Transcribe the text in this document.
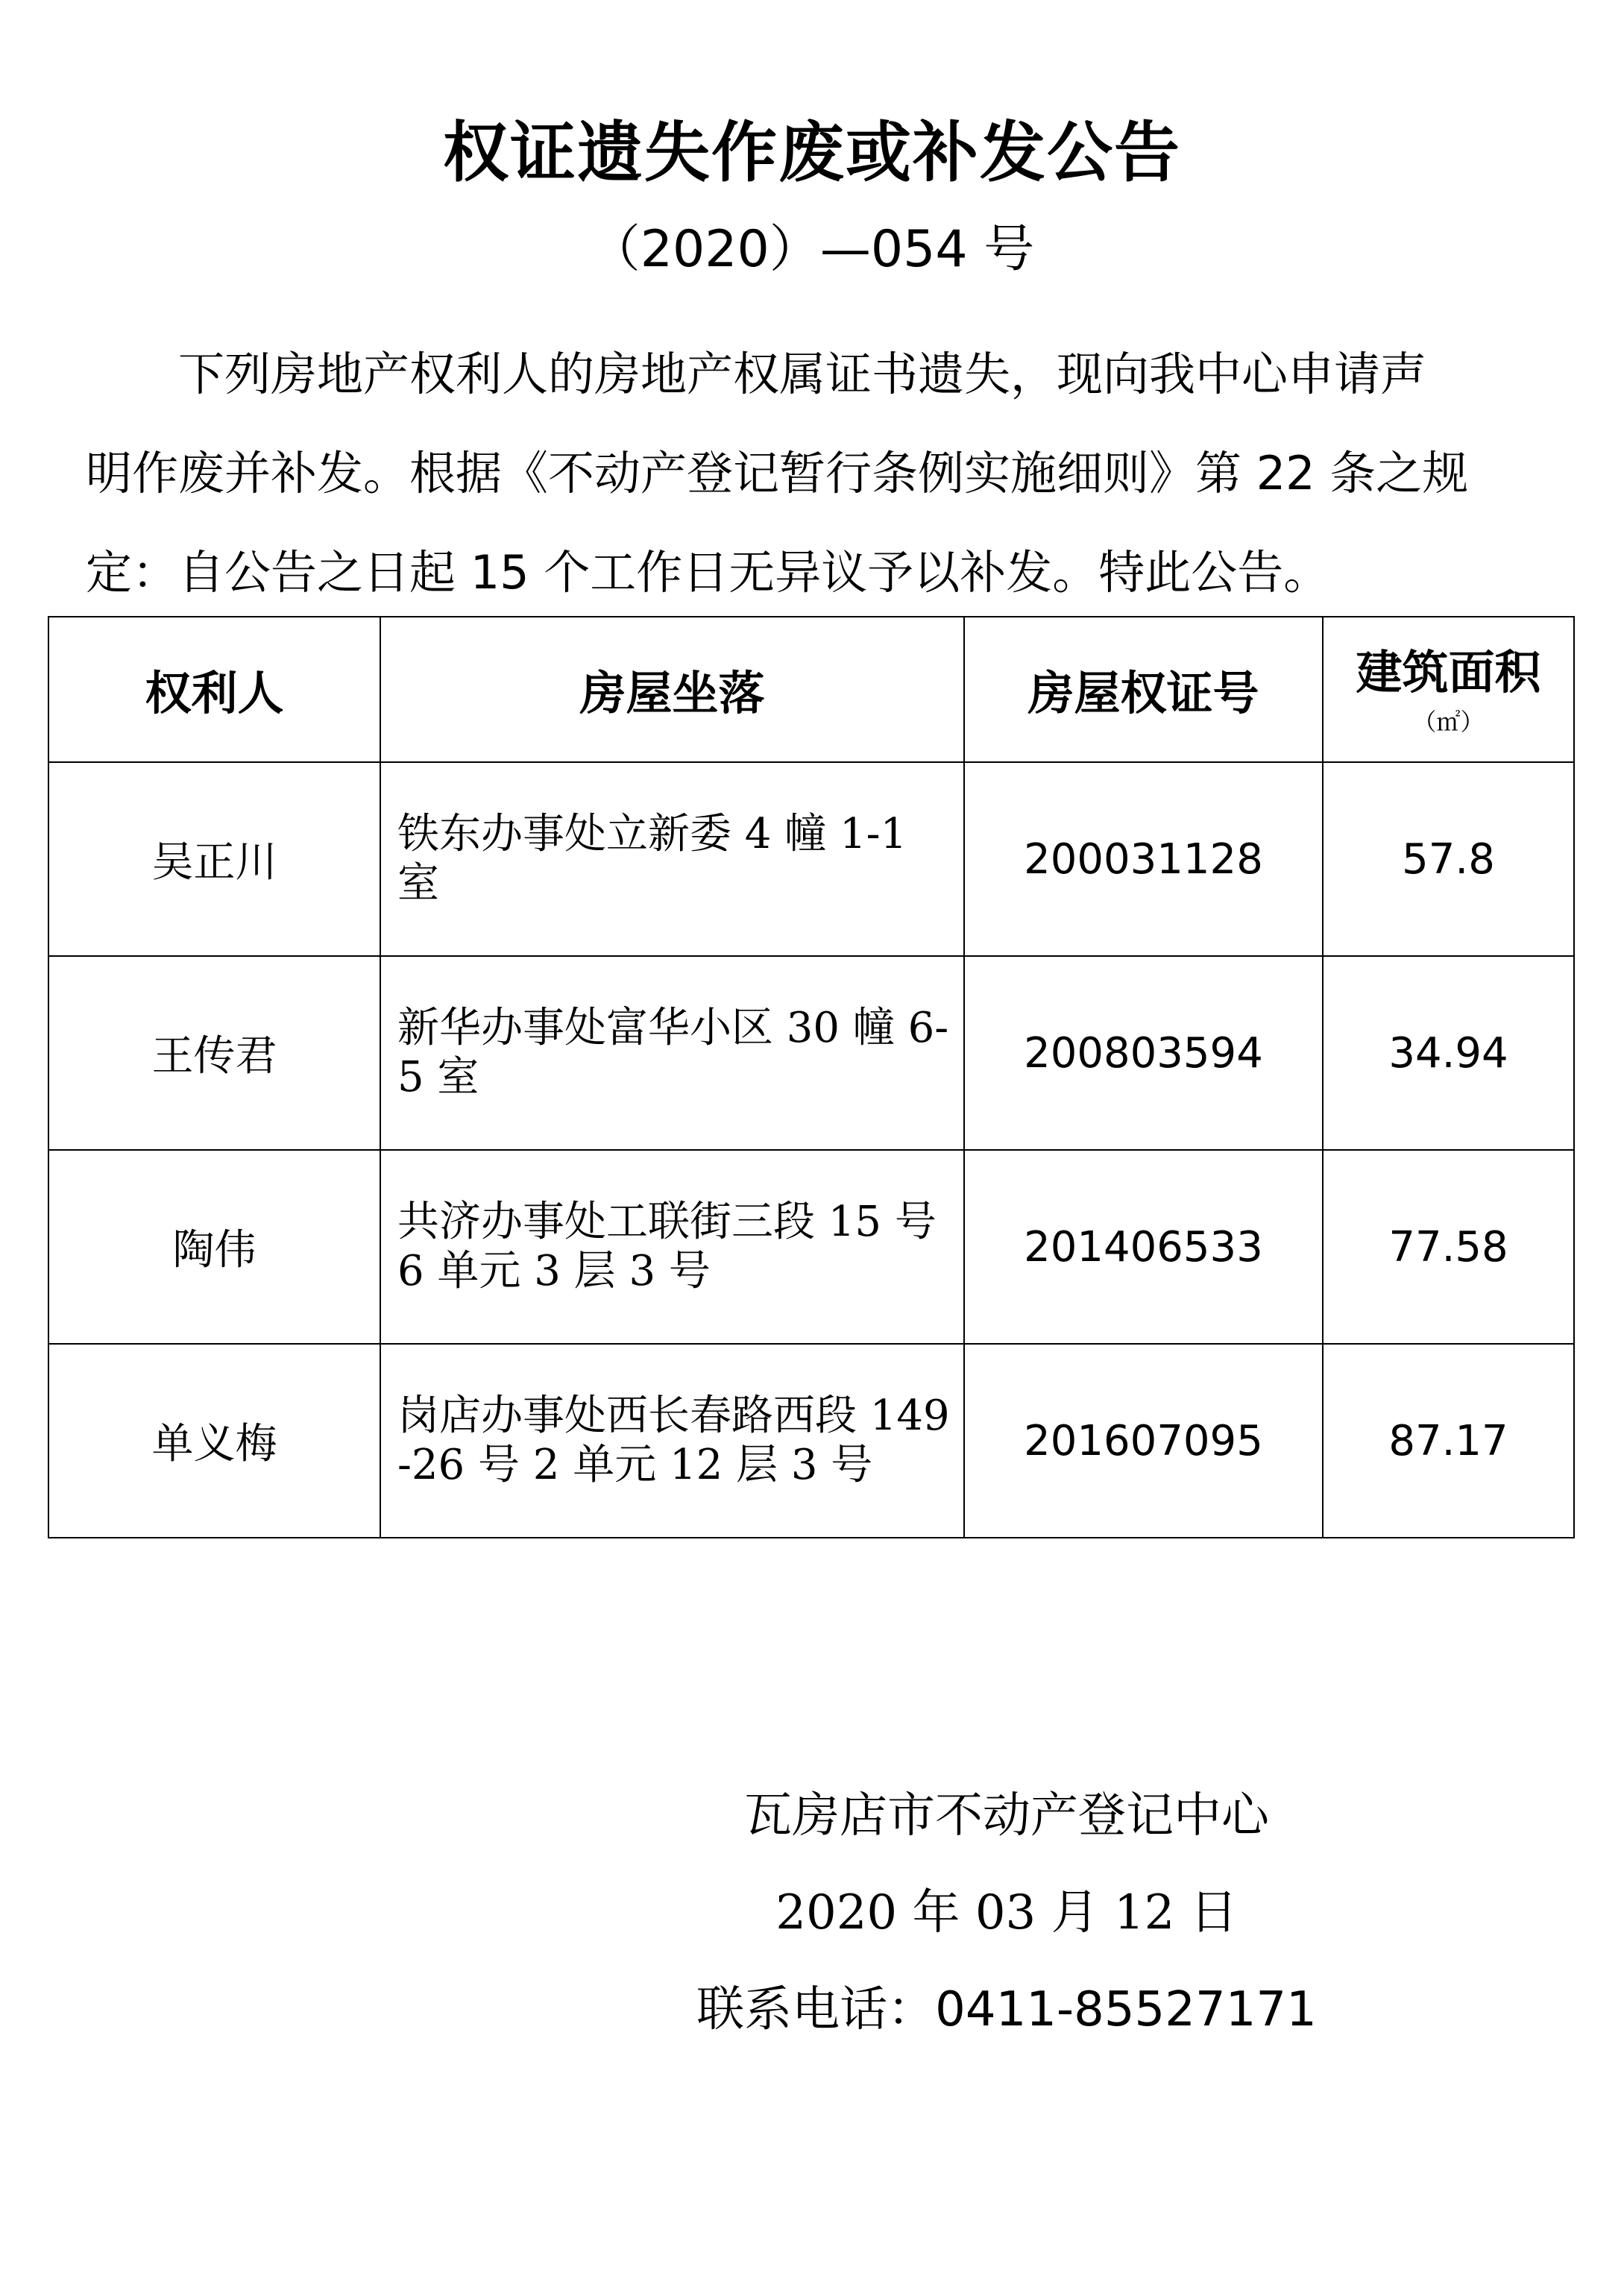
权证遗失作废或补发公告
（2020）—054 号
下列房地产权利人的房地产权属证书遗失，现向我中心申请声
明作废并补发。根据《不动产登记暂行条例实施细则》第 22 条之规
定：自公告之日起 15 个工作日无异议予以补发。特此公告。
权利人	房屋坐落	房屋权证号	建筑面积
（㎡）

吴正川	铁东办事处立新委 4 幢 1-1 室	200031128	57.8
王传君	新华办事处富华小区 30 幢 6-5 室	200803594	34.94
陶伟	共济办事处工联街三段 15 号 6 单元 3 层 3 号	201406533	77.58
单义梅	岗店办事处西长春路西段 149-26 号 2 单元 12 层 3 号	201607095	87.17
瓦房店市不动产登记中心
2020 年 03 月 12 日
联系电话：0411-85527171
